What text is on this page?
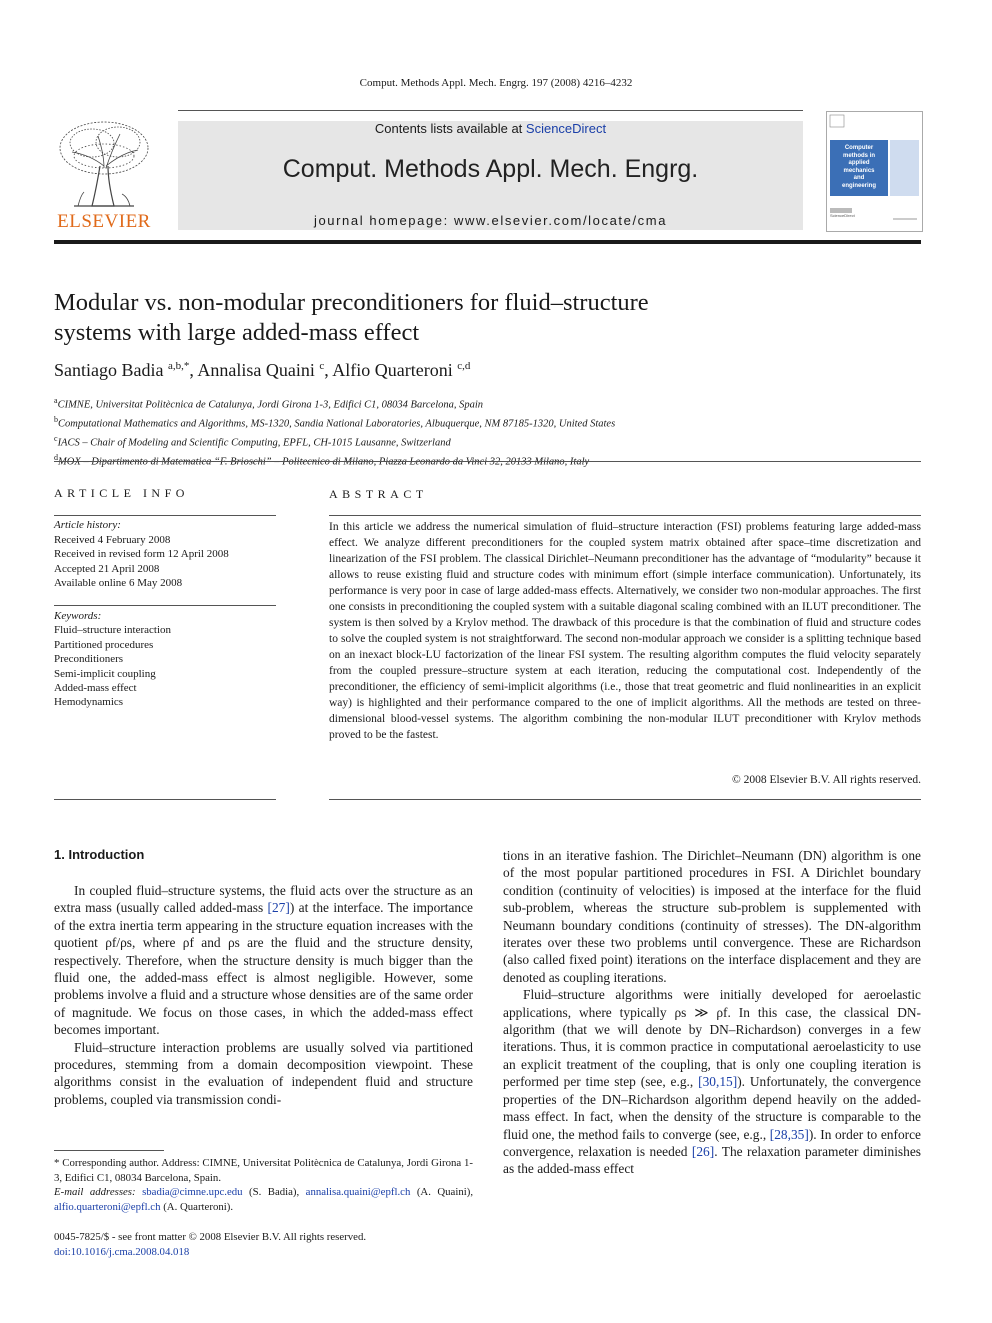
Comput. Methods Appl. Mech. Engrg. 197 (2008) 4216–4232
ELSEVIER
Contents lists available at ScienceDirect
Comput. Methods Appl. Mech. Engrg.
journal homepage: www.elsevier.com/locate/cma
Computer
methods in
applied
mechanics
and
engineering
ScienceDirect
Modular vs. non-modular preconditioners for fluid–structure
systems with large added-mass effect
Santiago Badia $^{a,b,*}$, Annalisa Quaini $^c$, Alfio Quarteroni $^{c,d}$
$^a$CIMNE, Universitat Politècnica de Catalunya, Jordi Girona 1-3, Edifici C1, 08034 Barcelona, Spain
$^b$Computational Mathematics and Algorithms, MS-1320, Sandia National Laboratories, Albuquerque, NM 87185-1320, United States
$^c$IACS – Chair of Modeling and Scientific Computing, EPFL, CH-1015 Lausanne, Switzerland
$^d$MOX – Dipartimento di Matematica “F. Brioschi” – Politecnico di Milano, Piazza Leonardo da Vinci 32, 20133 Milano, Italy
ARTICLE INFO
Article history:
Received 4 February 2008
Received in revised form 12 April 2008
Accepted 21 April 2008
Available online 6 May 2008
Keywords:
Fluid–structure interaction
Partitioned procedures
Preconditioners
Semi-implicit coupling
Added-mass effect
Hemodynamics
ABSTRACT
In this article we address the numerical simulation of fluid–structure interaction (FSI) problems featuring large added-mass effect. We analyze different preconditioners for the coupled system matrix obtained after space–time discretization and linearization of the FSI problem. The classical Dirichlet–Neumann preconditioner has the advantage of “modularity” because it allows to reuse existing fluid and structure codes with minimum effort (simple interface communication). Unfortunately, its performance is very poor in case of large added-mass effects. Alternatively, we consider two non-modular approaches. The first one consists in preconditioning the coupled system with a suitable diagonal scaling combined with an ILUT preconditioner. The system is then solved by a Krylov method. The drawback of this procedure is that the combination of fluid and structure codes to solve the coupled system is not straightforward. The second non-modular approach we consider is a splitting technique based on an inexact block-LU factorization of the linear FSI system. The resulting algorithm computes the fluid velocity separately from the coupled pressure–structure system at each iteration, reducing the computational cost. Independently of the preconditioner, the efficiency of semi-implicit algorithms (i.e., those that treat geometric and fluid nonlinearities in an explicit way) is highlighted and their performance compared to the one of implicit algorithms. All the methods are tested on three-dimensional blood-vessel systems. The algorithm combining the non-modular ILUT preconditioner with Krylov methods proved to be the fastest.
© 2008 Elsevier B.V. All rights reserved.
1. Introduction

In coupled fluid–structure systems, the fluid acts over the structure as an extra mass (usually called added-mass [27]) at the interface. The importance of the extra inertia term appearing in the structure equation increases with the quotient ρf/ρs, where ρf and ρs are the fluid and the structure density, respectively. Therefore, when the structure density is much bigger than the fluid one, the added-mass effect is almost negligible. However, some problems involve a fluid and a structure whose densities are of the same order of magnitude. We focus on those cases, in which the added-mass effect becomes important.

Fluid–structure interaction problems are usually solved via partitioned procedures, stemming from a domain decomposition viewpoint. These algorithms consist in the evaluation of independent fluid and structure problems, coupled via transmission condi-

tions in an iterative fashion. The Dirichlet–Neumann (DN) algorithm is one of the most popular partitioned procedures in FSI. A Dirichlet boundary condition (continuity of velocities) is imposed at the interface for the fluid sub-problem, whereas the structure sub-problem is supplemented with Neumann boundary conditions (continuity of stresses). The DN-algorithm iterates over these two problems until convergence. These are Richardson (also called fixed point) iterations on the interface displacement and they are denoted as coupling iterations.

Fluid–structure algorithms were initially developed for aeroelastic applications, where typically ρs ≫ ρf. In this case, the classical DN-algorithm (that we will denote by DN–Richardson) converges in a few iterations. Thus, it is common practice in computational aeroelasticity to use an explicit treatment of the coupling, that is only one coupling iteration is performed per time step (see, e.g., [30,15]). Unfortunately, the convergence properties of the DN–Richardson algorithm depend heavily on the added-mass effect. In fact, when the density of the structure is comparable to the fluid one, the method fails to converge (see, e.g., [28,35]). In order to enforce convergence, relaxation is needed [26]. The relaxation parameter diminishes as the added-mass effect

* Corresponding author. Address: CIMNE, Universitat Politècnica de Catalunya, Jordi Girona 1-3, Edifici C1, 08034 Barcelona, Spain.

E-mail addresses: sbadia@cimne.upc.edu (S. Badia), annalisa.quaini@epfl.ch (A. Quaini), alfio.quarteroni@epfl.ch (A. Quarteroni).

0045-7825/$ - see front matter © 2008 Elsevier B.V. All rights reserved.
doi:10.1016/j.cma.2008.04.018
